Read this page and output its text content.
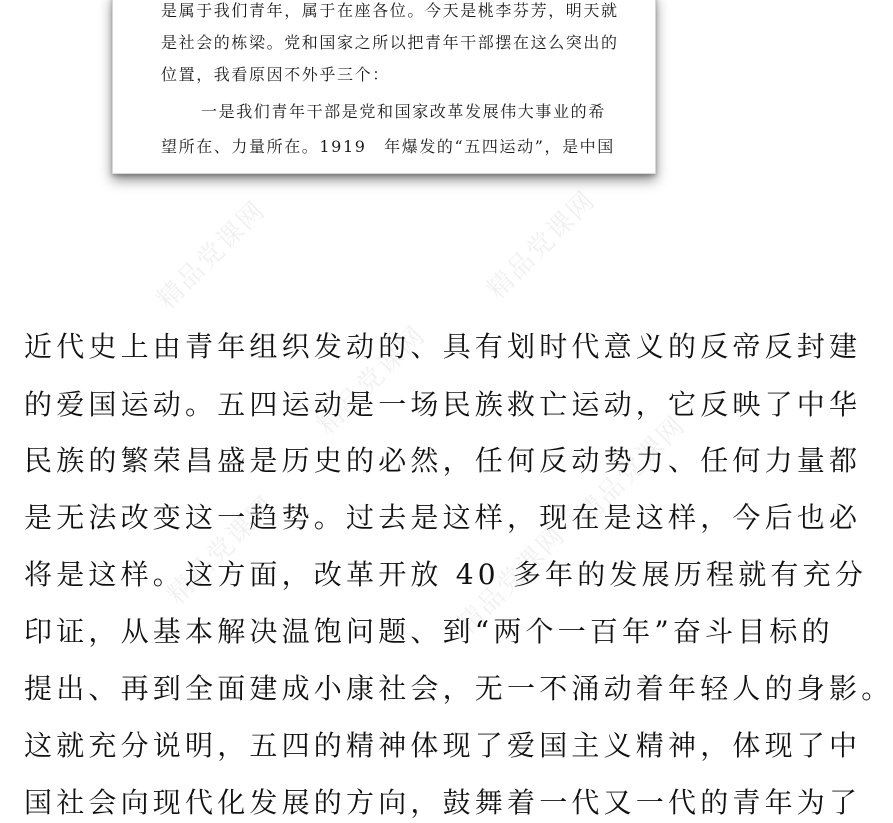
是属于我们青年，属于在座各位。今天是桃李芬芳，明天就
是社会的栋梁。党和国家之所以把青年干部摆在这么突出的
位置，我看原因不外乎三个：
一是我们青年干部是党和国家改革发展伟大事业的希
望所在、力量所在。1919　年爆发的“五四运动”，是中国
精品党课网	精品党课网
精品党课网
精品党课网
精品党课网	精品党课网
近代史上由青年组织发动的、具有划时代意义的反帝反封建
的爱国运动。五四运动是一场民族救亡运动，它反映了中华
民族的繁荣昌盛是历史的必然，任何反动势力、任何力量都
是无法改变这一趋势。过去是这样，现在是这样，今后也必
将是这样。这方面，改革开放 40 多年的发展历程就有充分
印证，从基本解决温饱问题、到“两个一百年”奋斗目标的
提出、再到全面建成小康社会，无一不涌动着年轻人的身影。
这就充分说明，五四的精神体现了爱国主义精神，体现了中
国社会向现代化发展的方向，鼓舞着一代又一代的青年为了
